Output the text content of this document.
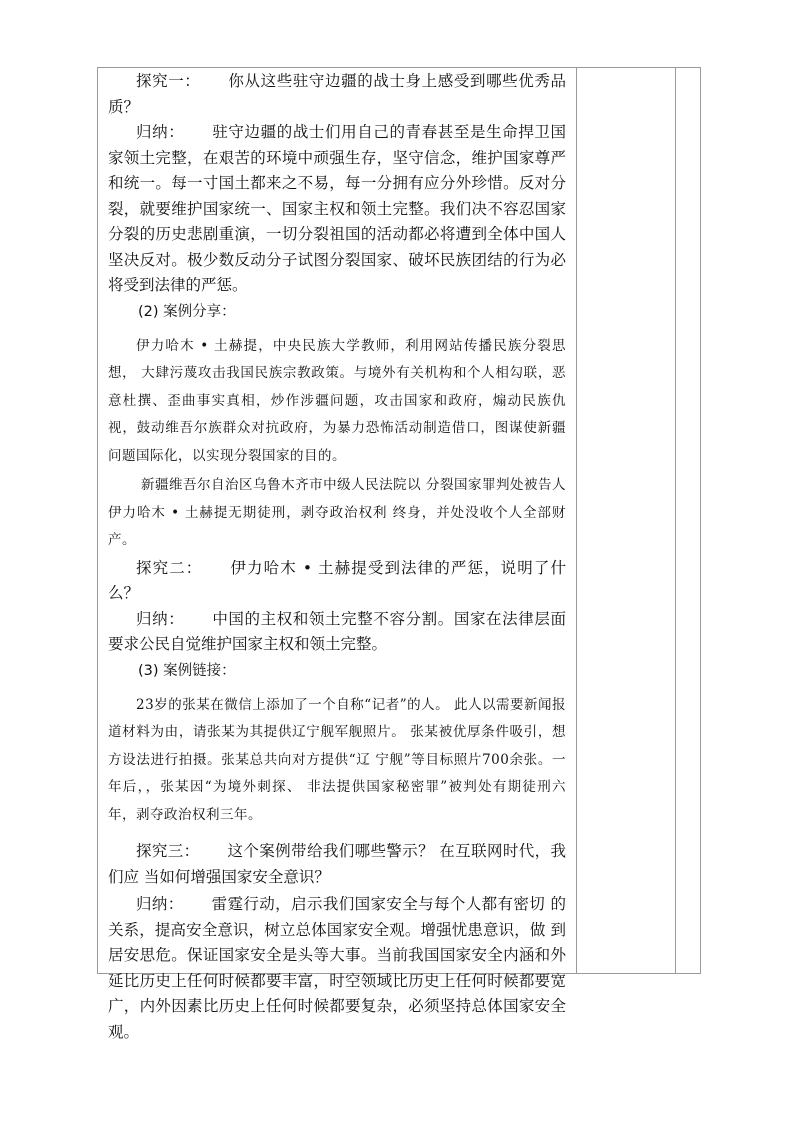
探究一： 你从这些驻守边疆的战士身上感受到哪些优秀品质？

归纳： 驻守边疆的战士们用自己的青春甚至是生命捍卫国家领土完整，在艰苦的环境中顽强生存，坚守信念，维护国家尊严和统一。每一寸国土都来之不易，每一分拥有应分外珍惜。反对分裂，就要维护国家统一、国家主权和领土完整。我们决不容忍国家分裂的历史悲剧重演，一切分裂祖国的活动都必将遭到全体中国人坚决反对。极少数反动分子试图分裂国家、破坏民族团结的行为必将受到法律的严惩。

(2) 案例分享：

伊力哈木 • 土赫提，中央民族大学教师，利用网站传播民族分裂思想， 大肆污蔑攻击我国民族宗教政策。与境外有关机构和个人相勾联，恶意杜撰、歪曲事实真相，炒作涉疆问题，攻击国家和政府，煽动民族仇视，鼓动维吾尔族群众对抗政府，为暴力恐怖活动制造借口，图谋使新疆问题国际化，以实现分裂国家的目的。

新疆维吾尔自治区乌鲁木齐市中级人民法院以 分裂国家罪判处被告人伊力哈木 • 土赫提无期徒刑，剥夺政治权利 终身，并处没收个人全部财产。

探究二： 伊力哈木 • 土赫提受到法律的严惩，说明了什么？

归纳： 中国的主权和领土完整不容分割。国家在法律层面要求公民自觉维护国家主权和领土完整。

(3) 案例链接：

23岁的张某在微信上添加了一个自称“记者”的人。 此人以需要新闻报道材料为由，请张某为其提供辽宁舰军舰照片。 张某被优厚条件吸引，想方设法进行拍摄。张某总共向对方提供“辽 宁舰”等目标照片700余张。一年后，，张某因“为境外刺探、 非法提供国家秘密罪”被判处有期徒刑六年，剥夺政治权利三年。

探究三： 这个案例带给我们哪些警示？ 在互联网时代，我们应 当如何增强国家安全意识？

归纳： 雷霆行动，启示我们国家安全与每个人都有密切 的关系，提高安全意识，树立总体国家安全观。增强忧患意识，做 到居安思危。保证国家安全是头等大事。当前我国国家安全内涵和外延比历史上任何时候都要丰富，时空领域比历史上任何时候都要宽广，内外因素比历史上任何时候都要复杂，必须坚持总体国家安全观。
